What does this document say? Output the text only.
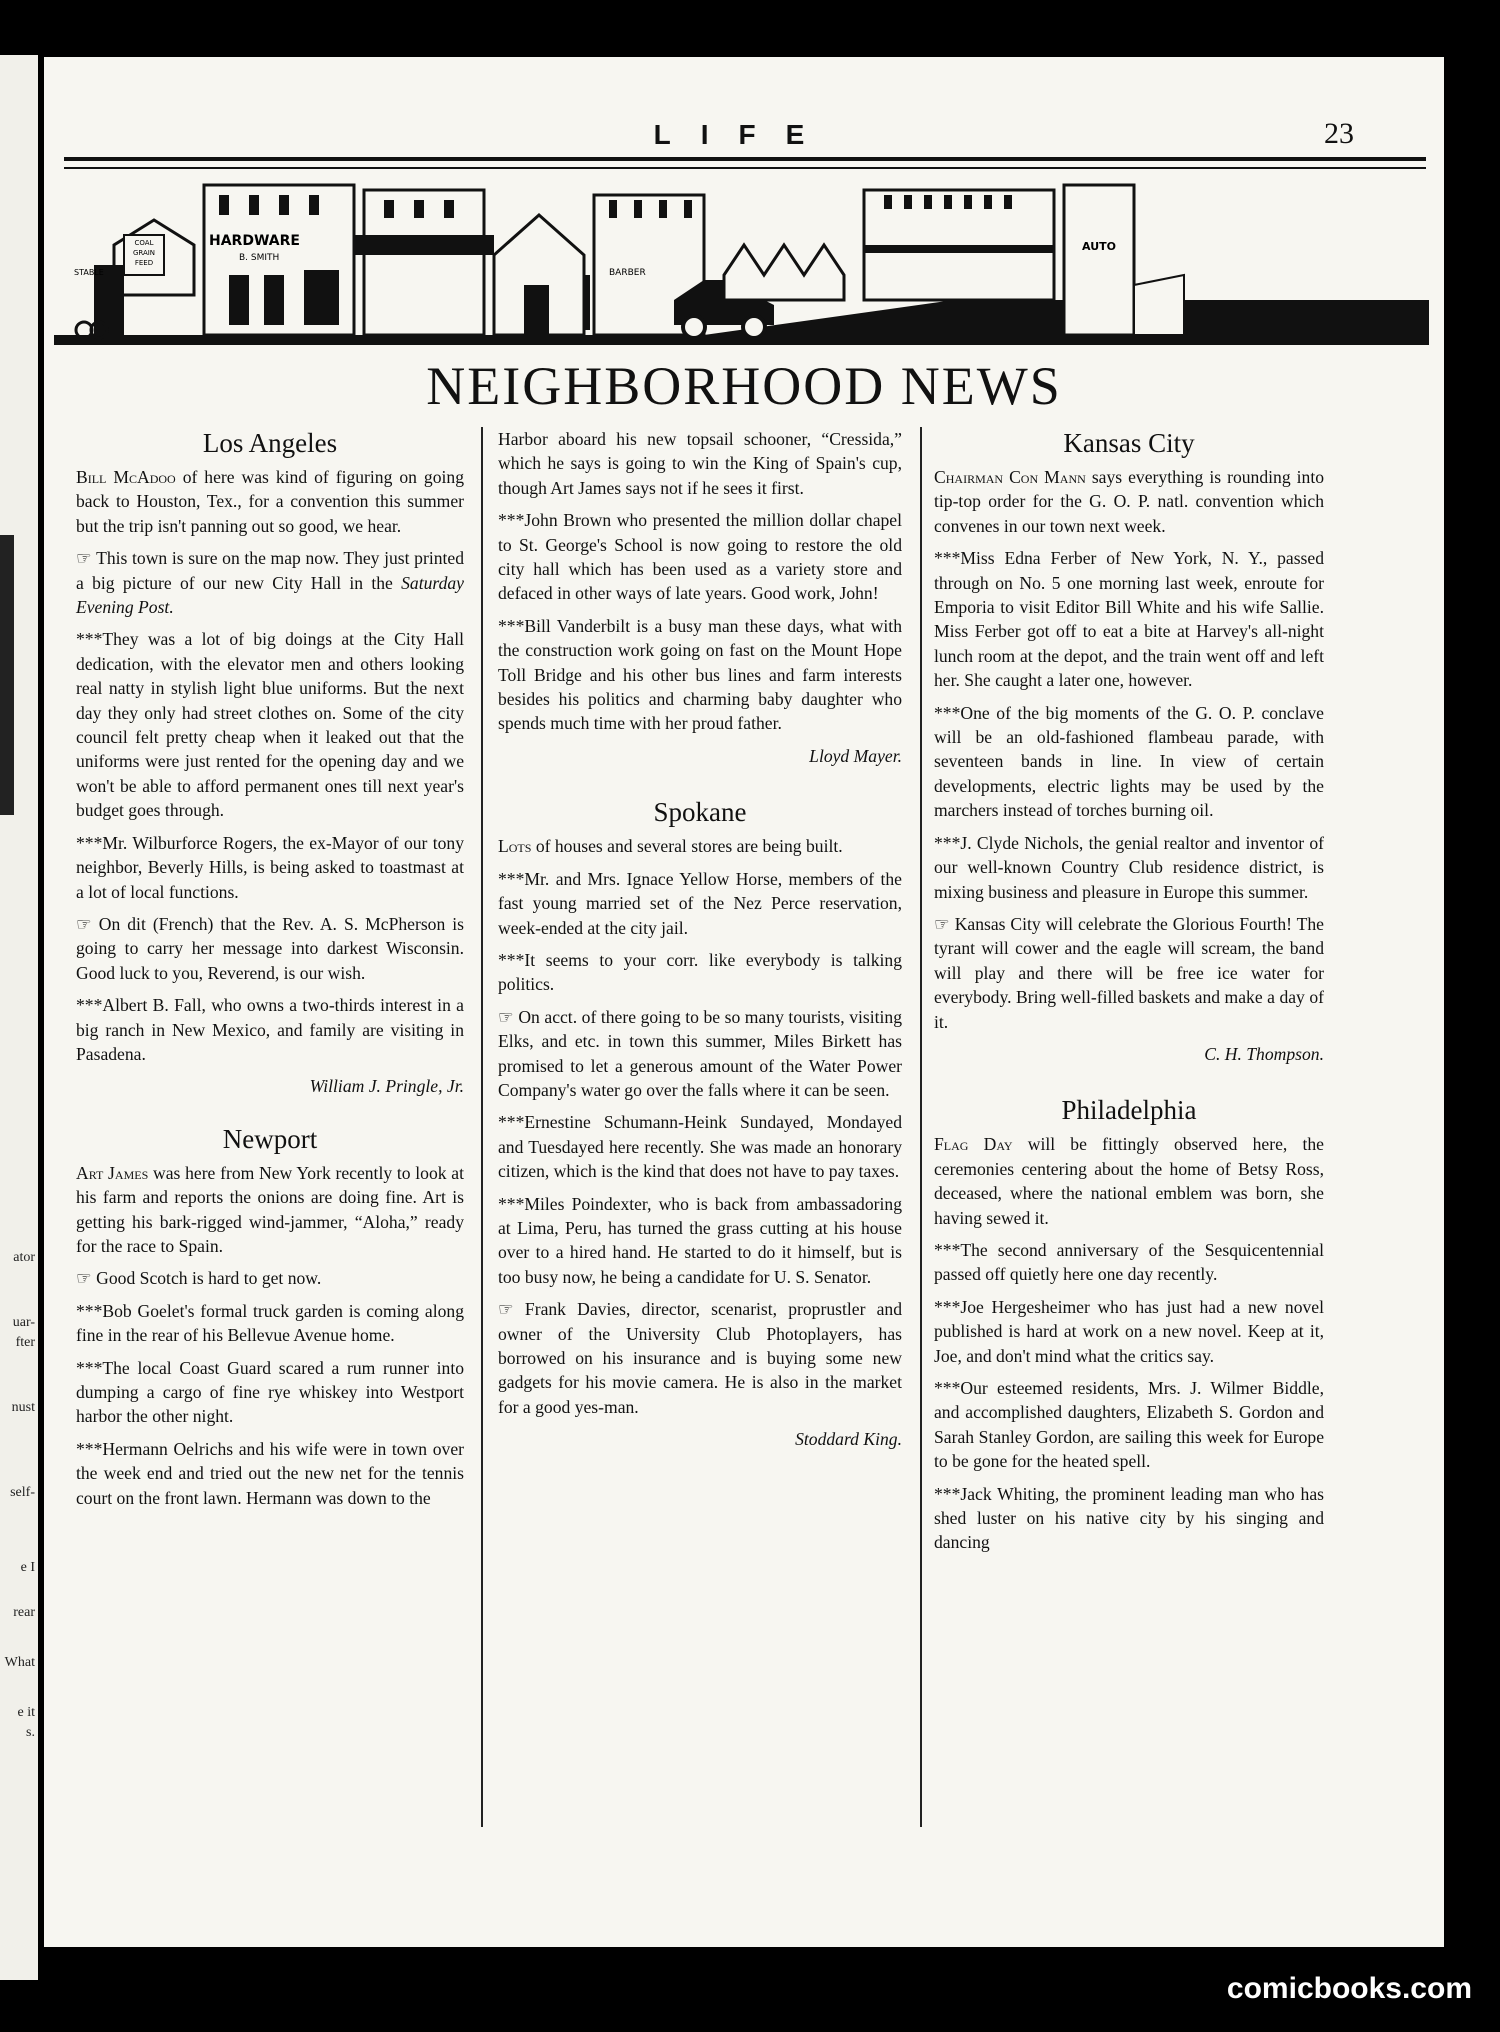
ator
uar-
fter
nust
self-
e I
rear
What
e it
s.
LIFE	23
COAL
GRAIN
FEED
STABLE
HARDWARE
B. SMITH
BARBER
AUTO
NEIGHBORHOOD NEWS
Los Angeles

Bill McAdoo of here was kind of figuring on going back to Houston, Tex., for a convention this summer but the trip isn't panning out so good, we hear.

☞ This town is sure on the map now. They just printed a big picture of our new City Hall in the Saturday Evening Post.

***They was a lot of big doings at the City Hall dedication, with the elevator men and others looking real natty in stylish light blue uniforms. But the next day they only had street clothes on. Some of the city council felt pretty cheap when it leaked out that the uniforms were just rented for the opening day and we won't be able to afford permanent ones till next year's budget goes through.

***Mr. Wilburforce Rogers, the ex-Mayor of our tony neighbor, Beverly Hills, is being asked to toastmast at a lot of local functions.

☞ On dit (French) that the Rev. A. S. McPherson is going to carry her message into darkest Wisconsin. Good luck to you, Reverend, is our wish.

***Albert B. Fall, who owns a two-thirds interest in a big ranch in New Mexico, and family are visiting in Pasadena.

William J. Pringle, Jr.
Newport

Art James was here from New York recently to look at his farm and reports the onions are doing fine. Art is getting his bark-rigged wind-jammer, “Aloha,” ready for the race to Spain.

☞ Good Scotch is hard to get now.

***Bob Goelet's formal truck garden is coming along fine in the rear of his Bellevue Avenue home.

***The local Coast Guard scared a rum runner into dumping a cargo of fine rye whiskey into Westport harbor the other night.

***Hermann Oelrichs and his wife were in town over the week end and tried out the new net for the tennis court on the front lawn. Hermann was down to the

Harbor aboard his new topsail schooner, “Cressida,” which he says is going to win the King of Spain's cup, though Art James says not if he sees it first.

***John Brown who presented the million dollar chapel to St. George's School is now going to restore the old city hall which has been used as a variety store and defaced in other ways of late years. Good work, John!

***Bill Vanderbilt is a busy man these days, what with the construction work going on fast on the Mount Hope Toll Bridge and his other bus lines and farm interests besides his politics and charming baby daughter who spends much time with her proud father.

Lloyd Mayer.
Spokane

Lots of houses and several stores are being built.

***Mr. and Mrs. Ignace Yellow Horse, members of the fast young married set of the Nez Perce reservation, week-ended at the city jail.

***It seems to your corr. like everybody is talking politics.

☞ On acct. of there going to be so many tourists, visiting Elks, and etc. in town this summer, Miles Birkett has promised to let a generous amount of the Water Power Company's water go over the falls where it can be seen.

***Ernestine Schumann-Heink Sundayed, Mondayed and Tuesdayed here recently. She was made an honorary citizen, which is the kind that does not have to pay taxes.

***Miles Poindexter, who is back from ambassadoring at Lima, Peru, has turned the grass cutting at his house over to a hired hand. He started to do it himself, but is too busy now, he being a candidate for U. S. Senator.

☞ Frank Davies, director, scenarist, proprustler and owner of the University Club Photoplayers, has borrowed on his insurance and is buying some new gadgets for his movie camera. He is also in the market for a good yes-man.

Stoddard King.
Kansas City

Chairman Con Mann says everything is rounding into tip-top order for the G. O. P. natl. convention which convenes in our town next week.

***Miss Edna Ferber of New York, N. Y., passed through on No. 5 one morning last week, enroute for Emporia to visit Editor Bill White and his wife Sallie. Miss Ferber got off to eat a bite at Harvey's all-night lunch room at the depot, and the train went off and left her. She caught a later one, however.

***One of the big moments of the G. O. P. conclave will be an old-fashioned flambeau parade, with seventeen bands in line. In view of certain developments, electric lights may be used by the marchers instead of torches burning oil.

***J. Clyde Nichols, the genial realtor and inventor of our well-known Country Club residence district, is mixing business and pleasure in Europe this summer.

☞ Kansas City will celebrate the Glorious Fourth! The tyrant will cower and the eagle will scream, the band will play and there will be free ice water for everybody. Bring well-filled baskets and make a day of it.

C. H. Thompson.
Philadelphia

Flag Day will be fittingly observed here, the ceremonies centering about the home of Betsy Ross, deceased, where the national emblem was born, she having sewed it.

***The second anniversary of the Sesquicentennial passed off quietly here one day recently.

***Joe Hergesheimer who has just had a new novel published is hard at work on a new novel. Keep at it, Joe, and don't mind what the critics say.

***Our esteemed residents, Mrs. J. Wilmer Biddle, and accomplished daughters, Elizabeth S. Gordon and Sarah Stanley Gordon, are sailing this week for Europe to be gone for the heated spell.

***Jack Whiting, the prominent leading man who has shed luster on his native city by his singing and dancing

comicbooks.com
